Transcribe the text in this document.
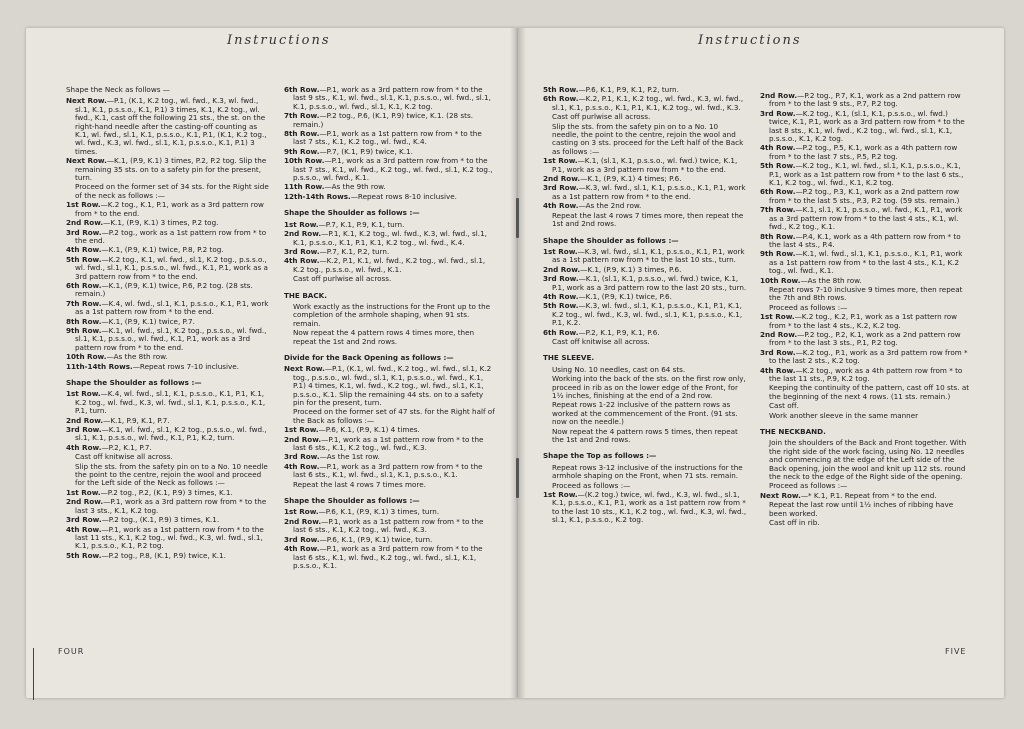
Instructions	Instructions

Shape the Neck as follows —

Next Row.—P.1, (K.1, K.2 tog., wl. fwd., K.3, wl. fwd., sl.1, K.1, p.s.s.o., K.1, P.1) 3 times, K.1, K.2 tog., wl. fwd., K.1, cast off the following 21 sts., the st. on the right-hand needle after the casting-off counting as K.1, wl. fwd., sl.1, K.1, p.s.s.o., K.1, P.1, (K.1, K.2 tog., wl. fwd., K.3, wl. fwd., sl.1, K.1, p.s.s.o., K.1, P.1) 3 times.

Next Row.—K.1, (P.9, K.1) 3 times, P.2, P.2 tog. Slip the remaining 35 sts. on to a safety pin for the present, turn.

Proceed on the former set of 34 sts. for the Right side of the neck as follows :—

1st Row.—K.2 tog., K.1, P.1, work as a 3rd pattern row from * to the end.

2nd Row.—K.1, (P.9, K.1) 3 times, P.2 tog.

3rd Row.—P.2 tog., work as a 1st pattern row from * to the end.

4th Row.—K.1, (P.9, K.1) twice, P.8, P.2 tog.

5th Row.—K.2 tog., K.1, wl. fwd., sl.1, K.2 tog., p.s.s.o., wl. fwd., sl.1, K.1, p.s.s.o., wl. fwd., K.1, P.1, work as a 3rd pattern row from * to the end.

6th Row.—K.1, (P.9, K.1) twice, P.6, P.2 tog. (28 sts. remain.)

7th Row.—K.4, wl. fwd., sl.1, K.1, p.s.s.o., K.1, P.1, work as a 1st pattern row from * to the end.

8th Row.—K.1, (P.9, K.1) twice, P.7.

9th Row.—K.1, wl. fwd., sl.1, K.2 tog., p.s.s.o., wl. fwd., sl.1, K.1, p.s.s.o., wl. fwd., K.1, P.1, work as a 3rd pattern row from * to the end.

10th Row.—As the 8th row.

11th-14th Rows.—Repeat rows 7-10 inclusive.

Shape the Shoulder as follows :—

1st Row.—K.4, wl. fwd., sl.1, K.1, p.s.s.o., K.1, P.1, K.1, K.2 tog., wl. fwd., K.3, wl. fwd., sl.1, K.1, p.s.s.o., K.1, P.1, turn.

2nd Row.—K.1, P.9, K.1, P.7.

3rd Row.—K.1, wl. fwd., sl.1, K.2 tog., p.s.s.o., wl. fwd., sl.1, K.1, p.s.s.o., wl. fwd., K.1, P.1, K.2, turn.

4th Row.—P.2, K.1, P.7.

Cast off knitwise all across.

Slip the sts. from the safety pin on to a No. 10 needle the point to the centre, rejoin the wool and proceed for the Left side of the Neck as follows :—

1st Row.—P.2 tog., P.2, (K.1, P.9) 3 times, K.1.

2nd Row.—P.1, work as a 3rd pattern row from * to the last 3 sts., K.1, K.2 tog.

3rd Row.—P.2 tog., (K.1, P.9) 3 times, K.1.

4th Row.—P.1, work as a 1st pattern row from * to the last 11 sts., K.1, K.2 tog., wl. fwd., K.3, wl. fwd., sl.1, K.1, p.s.s.o., K.1, P.2 tog.

5th Row.—P.2 tog., P.8, (K.1, P.9) twice, K.1.

6th Row.—P.1, work as a 3rd pattern row from * to the last 9 sts., K.1, wl. fwd., sl.1, K.1, p.s.s.o., wl. fwd., sl.1, K.1, p.s.s.o., wl. fwd., sl.1, K.1, K.2 tog.

7th Row.—P.2 tog., P.6, (K.1, P.9) twice, K.1. (28 sts. remain.)

8th Row.—P.1, work as a 1st pattern row from * to the last 7 sts., K.1, K.2 tog., wl. fwd., K.4.

9th Row.—P.7, (K.1, P.9) twice, K.1.

10th Row.—P.1, work as a 3rd pattern row from * to the last 7 sts., K.1, wl. fwd., K.2 tog., wl. fwd., sl.1, K.2 tog., p.s.s.o., wl. fwd., K.1.

11th Row.—As the 9th row.

12th-14th Rows.—Repeat rows 8-10 inclusive.

Shape the Shoulder as follows :—

1st Row.—P.7, K.1, P.9, K.1, turn.

2nd Row.—P.1, K.1, K.2 tog., wl. fwd., K.3, wl. fwd., sl.1, K.1, p.s.s.o., K.1, P.1, K.1, K.2 tog., wl. fwd., K.4.

3rd Row.—P.7, K.1, P.2, turn.

4th Row.—K.2, P.1, K.1, wl. fwd., K.2 tog., wl. fwd., sl.1, K.2 tog., p.s.s.o., wl. fwd., K.1.

Cast off purlwise all across.

THE BACK.

Work exactly as the instructions for the Front up to the completion of the armhole shaping, when 91 sts. remain.

Now repeat the 4 pattern rows 4 times more, then repeat the 1st and 2nd rows.

Divide for the Back Opening as follows :—

Next Row.—P.1, (K.1, wl. fwd., K.2 tog., wl. fwd., sl.1, K.2 tog., p.s.s.o., wl. fwd., sl.1, K.1, p.s.s.o., wl. fwd., K.1, P.1) 4 times, K.1, wl. fwd., K.2 tog., wl. fwd., sl.1, K.1, p.s.s.o., K.1. Slip the remaining 44 sts. on to a safety pin for the present, turn.

Proceed on the former set of 47 sts. for the Right half of the Back as follows :—

1st Row.—P.6, K.1, (P.9, K.1) 4 times.

2nd Row.—P.1, work as a 1st pattern row from * to the last 6 sts., K.1, K.2 tog., wl. fwd., K.3.

3rd Row.—As the 1st row.

4th Row.—P.1, work as a 3rd pattern row from * to the last 6 sts., K.1, wl. fwd., sl.1, K.1, p.s.s.o., K.1.

Repeat the last 4 rows 7 times more.

Shape the Shoulder as follows :—

1st Row.—P.6, K.1, (P.9, K.1) 3 times, turn.

2nd Row.—P.1, work as a 1st pattern row from * to the last 6 sts., K.1, K.2 tog., wl. fwd., K.3.

3rd Row.—P.6, K.1, (P.9, K.1) twice, turn.

4th Row.—P.1, work as a 3rd pattern row from * to the last 6 sts., K.1, wl. fwd., K.2 tog., wl. fwd., sl.1, K.1, p.s.s.o., K.1.

5th Row.—P.6, K.1, P.9, K.1, P.2, turn.

6th Row.—K.2, P.1, K.1, K.2 tog., wl. fwd., K.3, wl. fwd., sl.1, K.1, p.s.s.o., K.1, P.1, K.1, K.2 tog., wl. fwd., K.3.

Cast off purlwise all across.

Slip the sts. from the safety pin on to a No. 10 needle, the point to the centre, rejoin the wool and casting on 3 sts. proceed for the Left half of the Back as follows :—

1st Row.—K.1, (sl.1, K.1, p.s.s.o., wl. fwd.) twice, K.1, P.1, work as a 3rd pattern row from * to the end.

2nd Row.—K.1, (P.9, K.1) 4 times; P.6.

3rd Row.—K.3, wl. fwd., sl.1, K.1, p.s.s.o., K.1, P.1, work as a 1st pattern row from * to the end.

4th Row.—As the 2nd row.

Repeat the last 4 rows 7 times more, then repeat the 1st and 2nd rows.

Shape the Shoulder as follows :—

1st Row.—K.3, wl. fwd., sl.1, K.1, p.s.s.o., K.1, P.1, work as a 1st pattern row from * to the last 10 sts., turn.

2nd Row.—K.1, (P.9, K.1) 3 times, P.6.

3rd Row.—K.1, (sl.1, K.1, p.s.s.o., wl. fwd.) twice, K.1, P.1, work as a 3rd pattern row to the last 20 sts., turn.

4th Row.—K.1, (P.9, K.1) twice, P.6.

5th Row.—K.3, wl. fwd., sl.1, K.1, p.s.s.o., K.1, P.1, K.1, K.2 tog., wl. fwd., K.3, wl. fwd., sl.1, K.1, p.s.s.o., K.1, P.1, K.2.

6th Row.—P.2, K.1, P.9, K.1, P.6.

Cast off knitwise all across.

THE SLEEVE.

Using No. 10 needles, cast on 64 sts.

Working into the back of the sts. on the first row only, proceed in rib as on the lower edge of the Front, for 1½ inches, finishing at the end of a 2nd row.

Repeat rows 1-22 inclusive of the pattern rows as worked at the commencement of the Front. (91 sts. now on the needle.)

Now repeat the 4 pattern rows 5 times, then repeat the 1st and 2nd rows.

Shape the Top as follows :—

Repeat rows 3-12 inclusive of the instructions for the armhole shaping on the Front, when 71 sts. remain.

Proceed as follows :—

1st Row.—(K.2 tog.) twice, wl. fwd., K.3, wl. fwd., sl.1, K.1, p.s.s.o., K.1, P.1, work as a 1st pattern row from * to the last 10 sts., K.1, K.2 tog., wl. fwd., K.3, wl. fwd., sl.1, K.1, p.s.s.o., K.2 tog.

2nd Row.—P.2 tog., P.7, K.1, work as a 2nd pattern row from * to the last 9 sts., P.7, P.2 tog.

3rd Row.—K.2 tog., K.1, (sl.1, K.1, p.s.s.o., wl. fwd.) twice, K.1, P.1, work as a 3rd pattern row from * to the last 8 sts., K.1, wl. fwd., K.2 tog., wl. fwd., sl.1, K.1, p.s.s.o., K.1, K.2 tog.

4th Row.—P.2 tog., P.5, K.1, work as a 4th pattern row from * to the last 7 sts., P.5, P.2 tog.

5th Row.—K.2 tog., K.1, wl. fwd., sl.1, K.1, p.s.s.o., K.1, P.1, work as a 1st pattern row from * to the last 6 sts., K.1, K.2 tog., wl. fwd., K.1, K.2 tog.

6th Row.—P.2 tog., P.3, K.1, work as a 2nd pattern row from * to the last 5 sts., P.3, P.2 tog. (59 sts. remain.)

7th Row.—K.1, sl.1, K.1, p.s.s.o., wl. fwd., K.1, P.1, work as a 3rd pattern row from * to the last 4 sts., K.1, wl. fwd., K.2 tog., K.1.

8th Row.—P.4, K.1, work as a 4th pattern row from * to the last 4 sts., P.4.

9th Row.—K.1, wl. fwd., sl.1, K.1, p.s.s.o., K.1, P.1, work as a 1st pattern row from * to the last 4 sts., K.1, K.2 tog., wl. fwd., K.1.

10th Row.—As the 8th row.

Repeat rows 7-10 inclusive 9 times more, then repeat the 7th and 8th rows.

Proceed as follows :—

1st Row.—K.2 tog., K.2, P.1, work as a 1st pattern row from * to the last 4 sts., K.2, K.2 tog.

2nd Row.—P.2 tog., P.2, K.1, work as a 2nd pattern row from * to the last 3 sts., P.1, P.2 tog.

3rd Row.—K.2 tog., P.1, work as a 3rd pattern row from * to the last 2 sts., K.2 tog.

4th Row.—K.2 tog., work as a 4th pattern row from * to the last 11 sts., P.9, K.2 tog.

Keeping the continuity of the pattern, cast off 10 sts. at the beginning of the next 4 rows. (11 sts. remain.)

Cast off.

Work another sleeve in the same manner

THE NECKBAND.

Join the shoulders of the Back and Front together. With the right side of the work facing, using No. 12 needles and commencing at the edge of the Left side of the Back opening, join the wool and knit up 112 sts. round the neck to the edge of the Right side of the opening.

Proceed as follows :—

Next Row.—* K.1, P.1. Repeat from * to the end.

Repeat the last row until 1½ inches of ribbing have been worked.

Cast off in rib.

FOUR	FIVE
